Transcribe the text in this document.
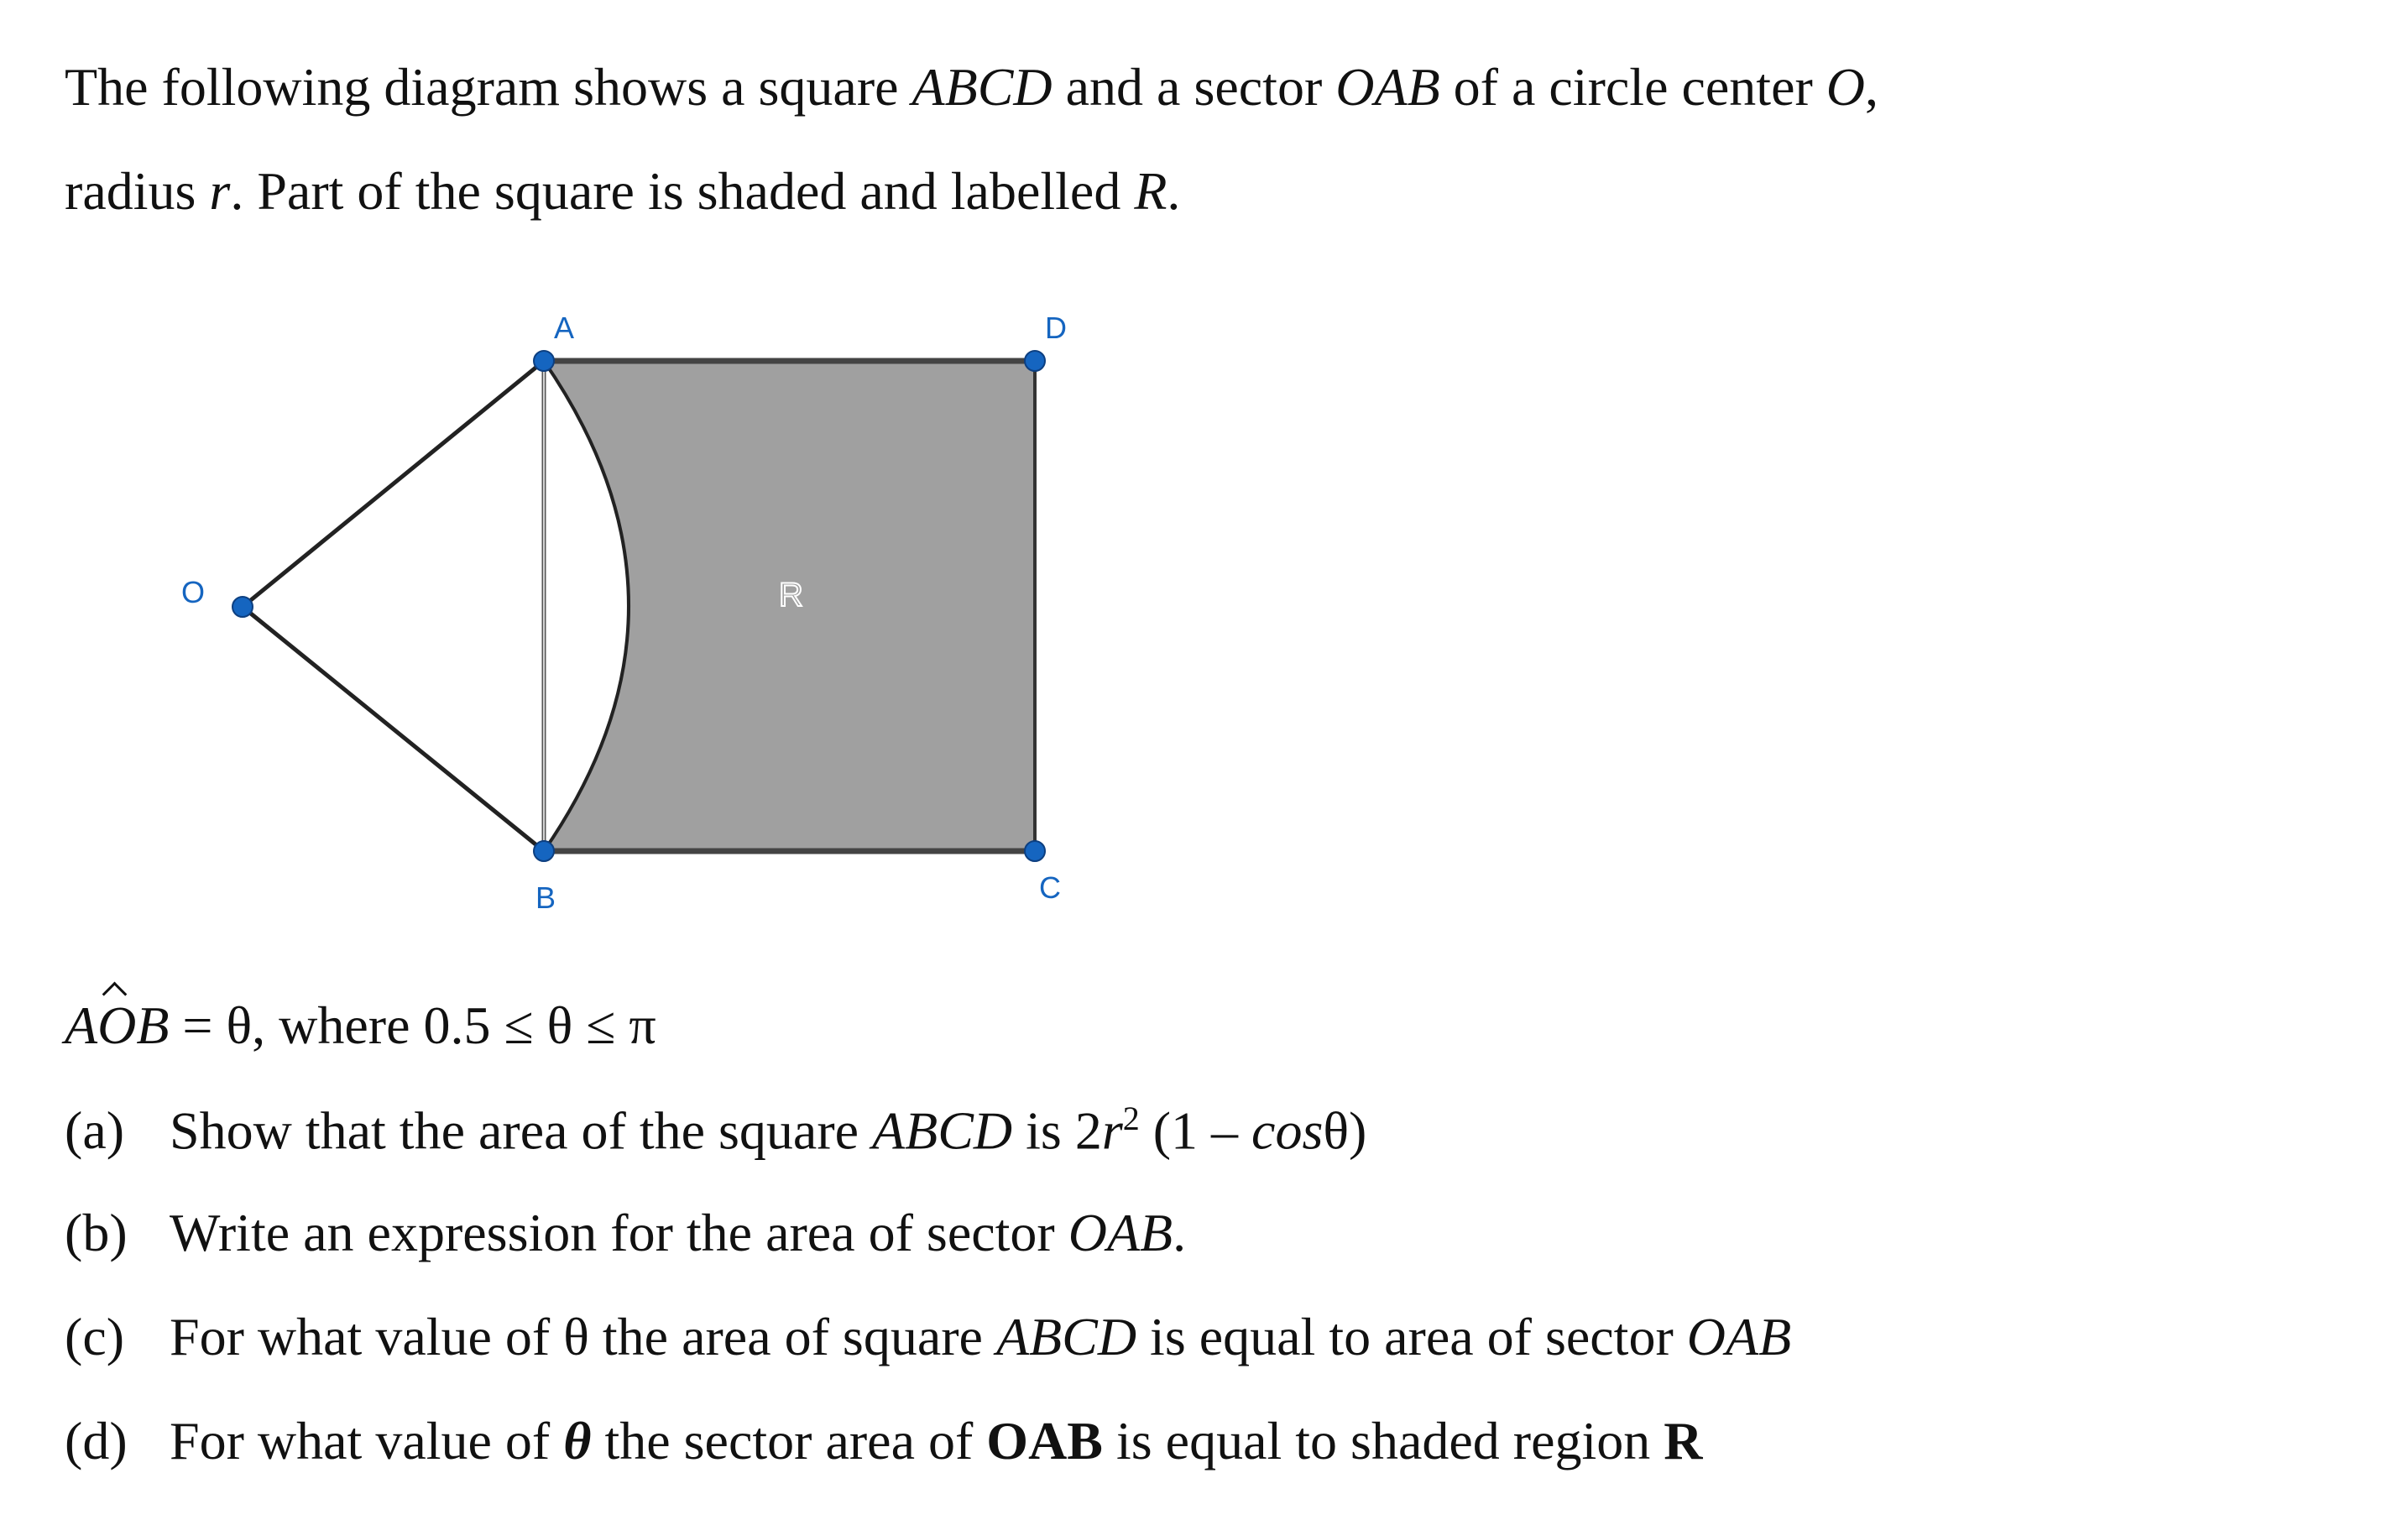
The following diagram shows a square ABCD and a sector OAB of a circle center O,
radius r. Part of the square is shaded and labelled R.
A	D
O
B	C
R
AOB = θ, where 0.5 ≤ θ ≤ π
(a) Show that the area of the square ABCD is $2r^2$ (1 – cosθ)
(b) Write an expression for the area of sector OAB.
(c) For what value of θ the area of square ABCD is equal to area of sector OAB
(d) For what value of θ the sector area of OAB is equal to shaded region R
